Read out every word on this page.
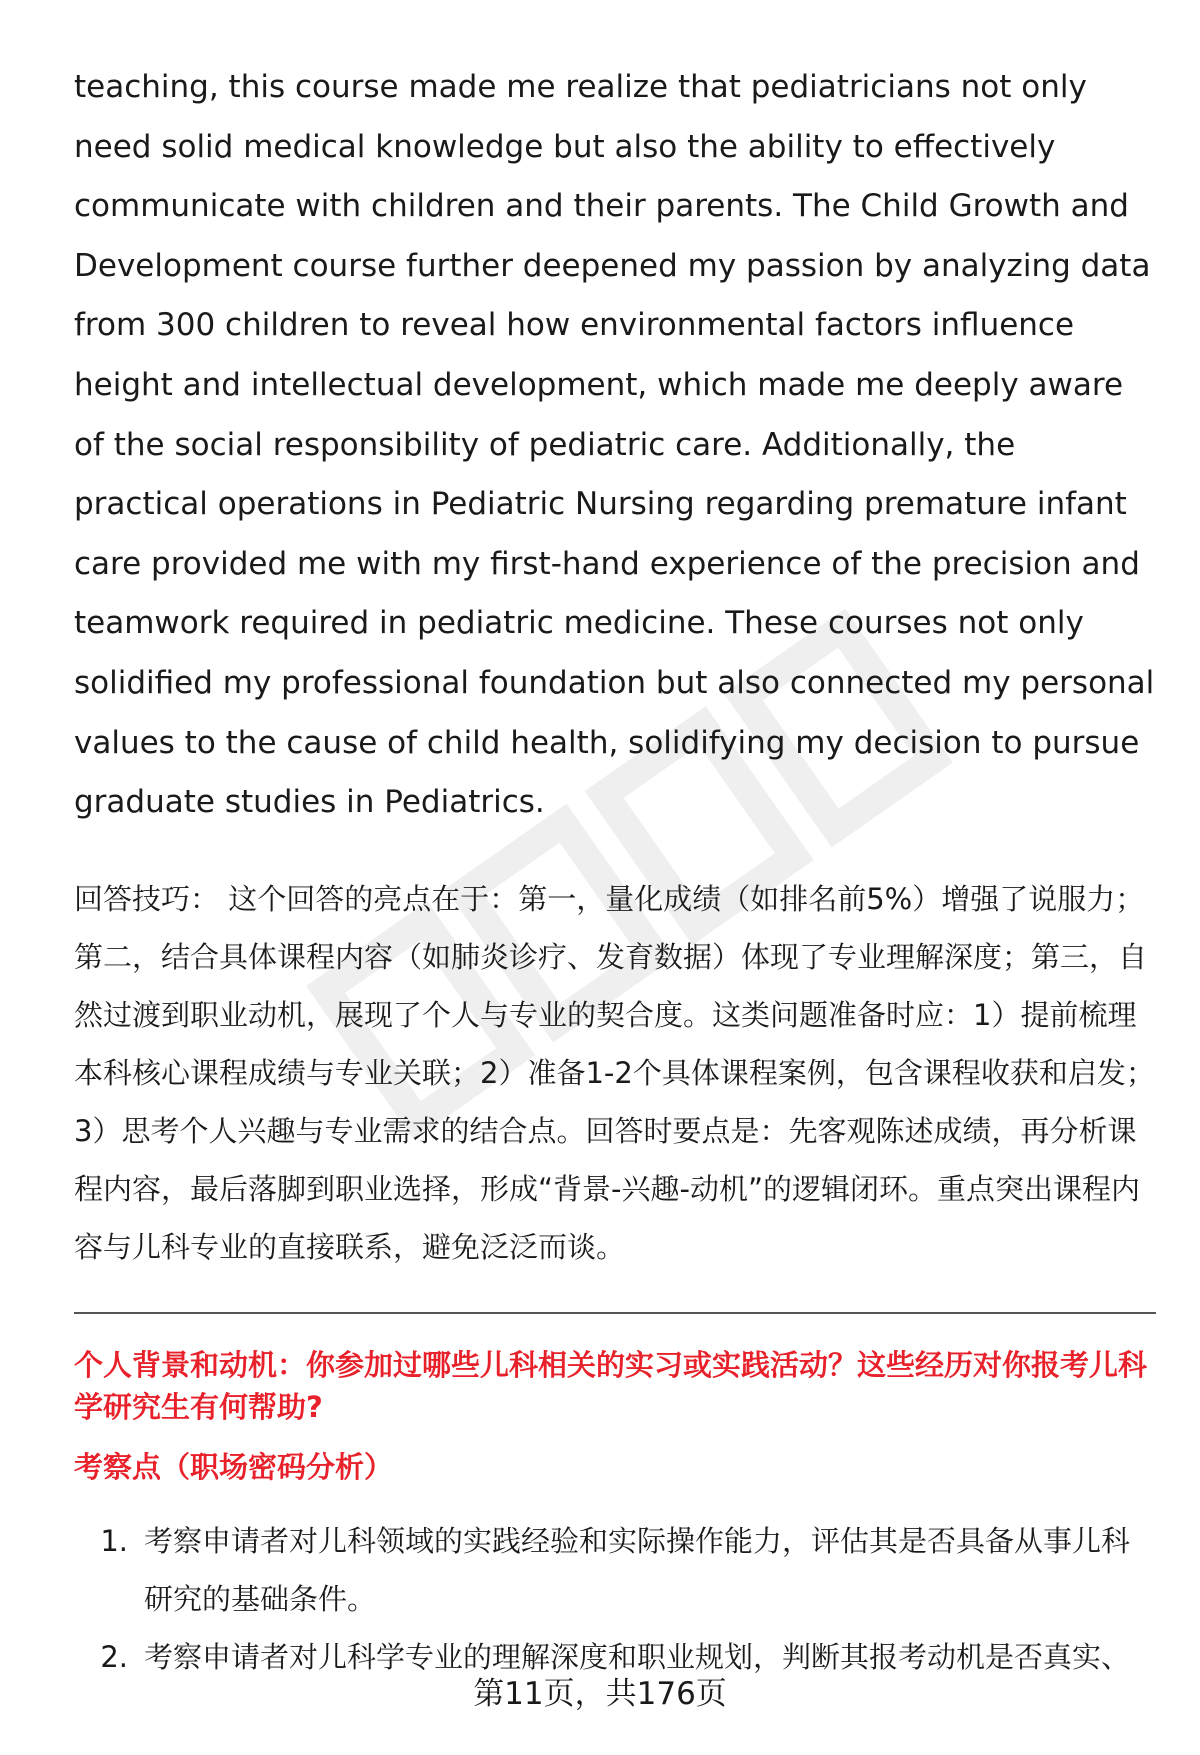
teaching, this course made me realize that pediatricians not only need solid medical knowledge but also the ability to effectively communicate with children and their parents. The Child Growth and Development course further deepened my passion by analyzing data from 300 children to reveal how environmental factors influence height and intellectual development, which made me deeply aware of the social responsibility of pediatric care. Additionally, the practical operations in Pediatric Nursing regarding premature infant care provided me with my first-hand experience of the precision and teamwork required in pediatric medicine. These courses not only solidified my professional foundation but also connected my personal values to the cause of child health, solidifying my decision to pursue graduate studies in Pediatrics.

回答技巧： 这个回答的亮点在于：第一，量化成绩（如排名前5%）增强了说服力；第二，结合具体课程内容（如肺炎诊疗、发育数据）体现了专业理解深度；第三，自然过渡到职业动机，展现了个人与专业的契合度。这类问题准备时应：1）提前梳理本科核心课程成绩与专业关联；2）准备1-2个具体课程案例，包含课程收获和启发；3）思考个人兴趣与专业需求的结合点。回答时要点是：先客观陈述成绩，再分析课程内容，最后落脚到职业选择，形成“背景-兴趣-动机”的逻辑闭环。重点突出课程内容与儿科专业的直接联系，避免泛泛而谈。

个人背景和动机：你参加过哪些儿科相关的实习或实践活动？这些经历对你报考儿科学研究生有何帮助?
考察点（职场密码分析）
1. 考察申请者对儿科领域的实践经验和实际操作能力，评估其是否具备从事儿科研究的基础条件。
2. 考察申请者对儿科学专业的理解深度和职业规划，判断其报考动机是否真实、
第11页，共176页
